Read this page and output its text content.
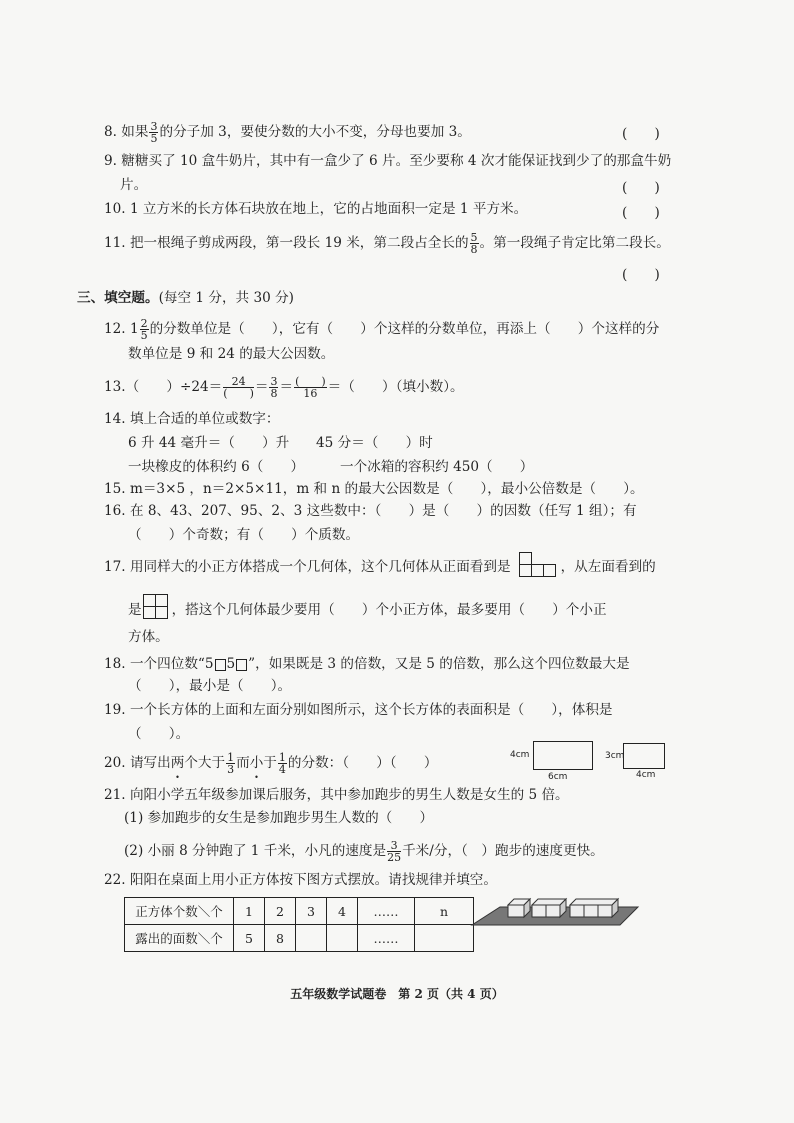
8. 如果 $\frac{3}{5}$ 的分子加 3，要使分数的大小不变，分母也要加 3。	(　　)
9. 糖糖买了 10 盒牛奶片，其中有一盒少了 6 片。至少要称 4 次才能保证找到少了的那盒牛奶
片。	(　　)
10. 1 立方米的长方体石块放在地上，它的占地面积一定是 1 平方米。	(　　)
11. 把一根绳子剪成两段，第一段长 19 米，第二段占全长的 $\frac{5}{8}$ 。第一段绳子肯定比第二段长。
(　　)
三、填空题。(每空 1 分，共 30 分)
12. $1 \frac{2}{5}$ 的分数单位是（　　），它有（　　）个这样的分数单位，再添上（　　）个这样的分
数单位是 9 和 24 的最大公因数。
13.（　　）$\div 24= \frac{24}{( )} = \frac{3}{8} = \frac{( )}{16}$ ＝（　　）（填小数）。
14. 填上合适的单位或数字：
6 升 44 毫升＝（　　）升 45 分＝（　　）时
一块橡皮的体积约 6（　　）	一个冰箱的容积约 450（　　）
15. m＝3×5 ，n＝2×5×11，m 和 n 的最大公因数是（　　），最小公倍数是（　　）。
16. 在 8、43、207、95、2、3 这些数中：（　　）是（　　）的因数（任写 1 组）；有
（　　）个奇数；有（　　）个质数。
17. 用同样大的小正方体搭成一个几何体，这个几何体从正面看到是	，从左面看到的
是 ，搭这个几何体最少要用（　　）个小正方体，最多要用（　　）个小正
方体。
18. 一个四位数“5 5 ”，如果既是 3 的倍数，又是 5 的倍数，那么这个四位数最大是
（　　），最小是（　　）。
19. 一个长方体的上面和左面分别如图所示，这个长方体的表面积是（　　），体积是
（　　）。
4cm
6cm
3cm
4cm
20. 请写出两个大于 $\frac{1}{3}$ 而小于 $\frac{1}{4}$ 的分数：（　　）（　　）
21. 向阳小学五年级参加课后服务，其中参加跑步的男生人数是女生的 5 倍。
(1) 参加跑步的女生是参加跑步男生人数的（　　）
(2) 小丽 8 分钟跑了 1 千米，小凡的速度是 $\frac{3}{25}$ 千米/分，（　）跑步的速度更快。
22. 阳阳在桌面上用小正方体按下图方式摆放。请找规律并填空。
正方体个数＼个	1	2	3	4	……	n
露出的面数＼个	5	8			……	
五年级数学试题卷　第 2 页（共 4 页）
